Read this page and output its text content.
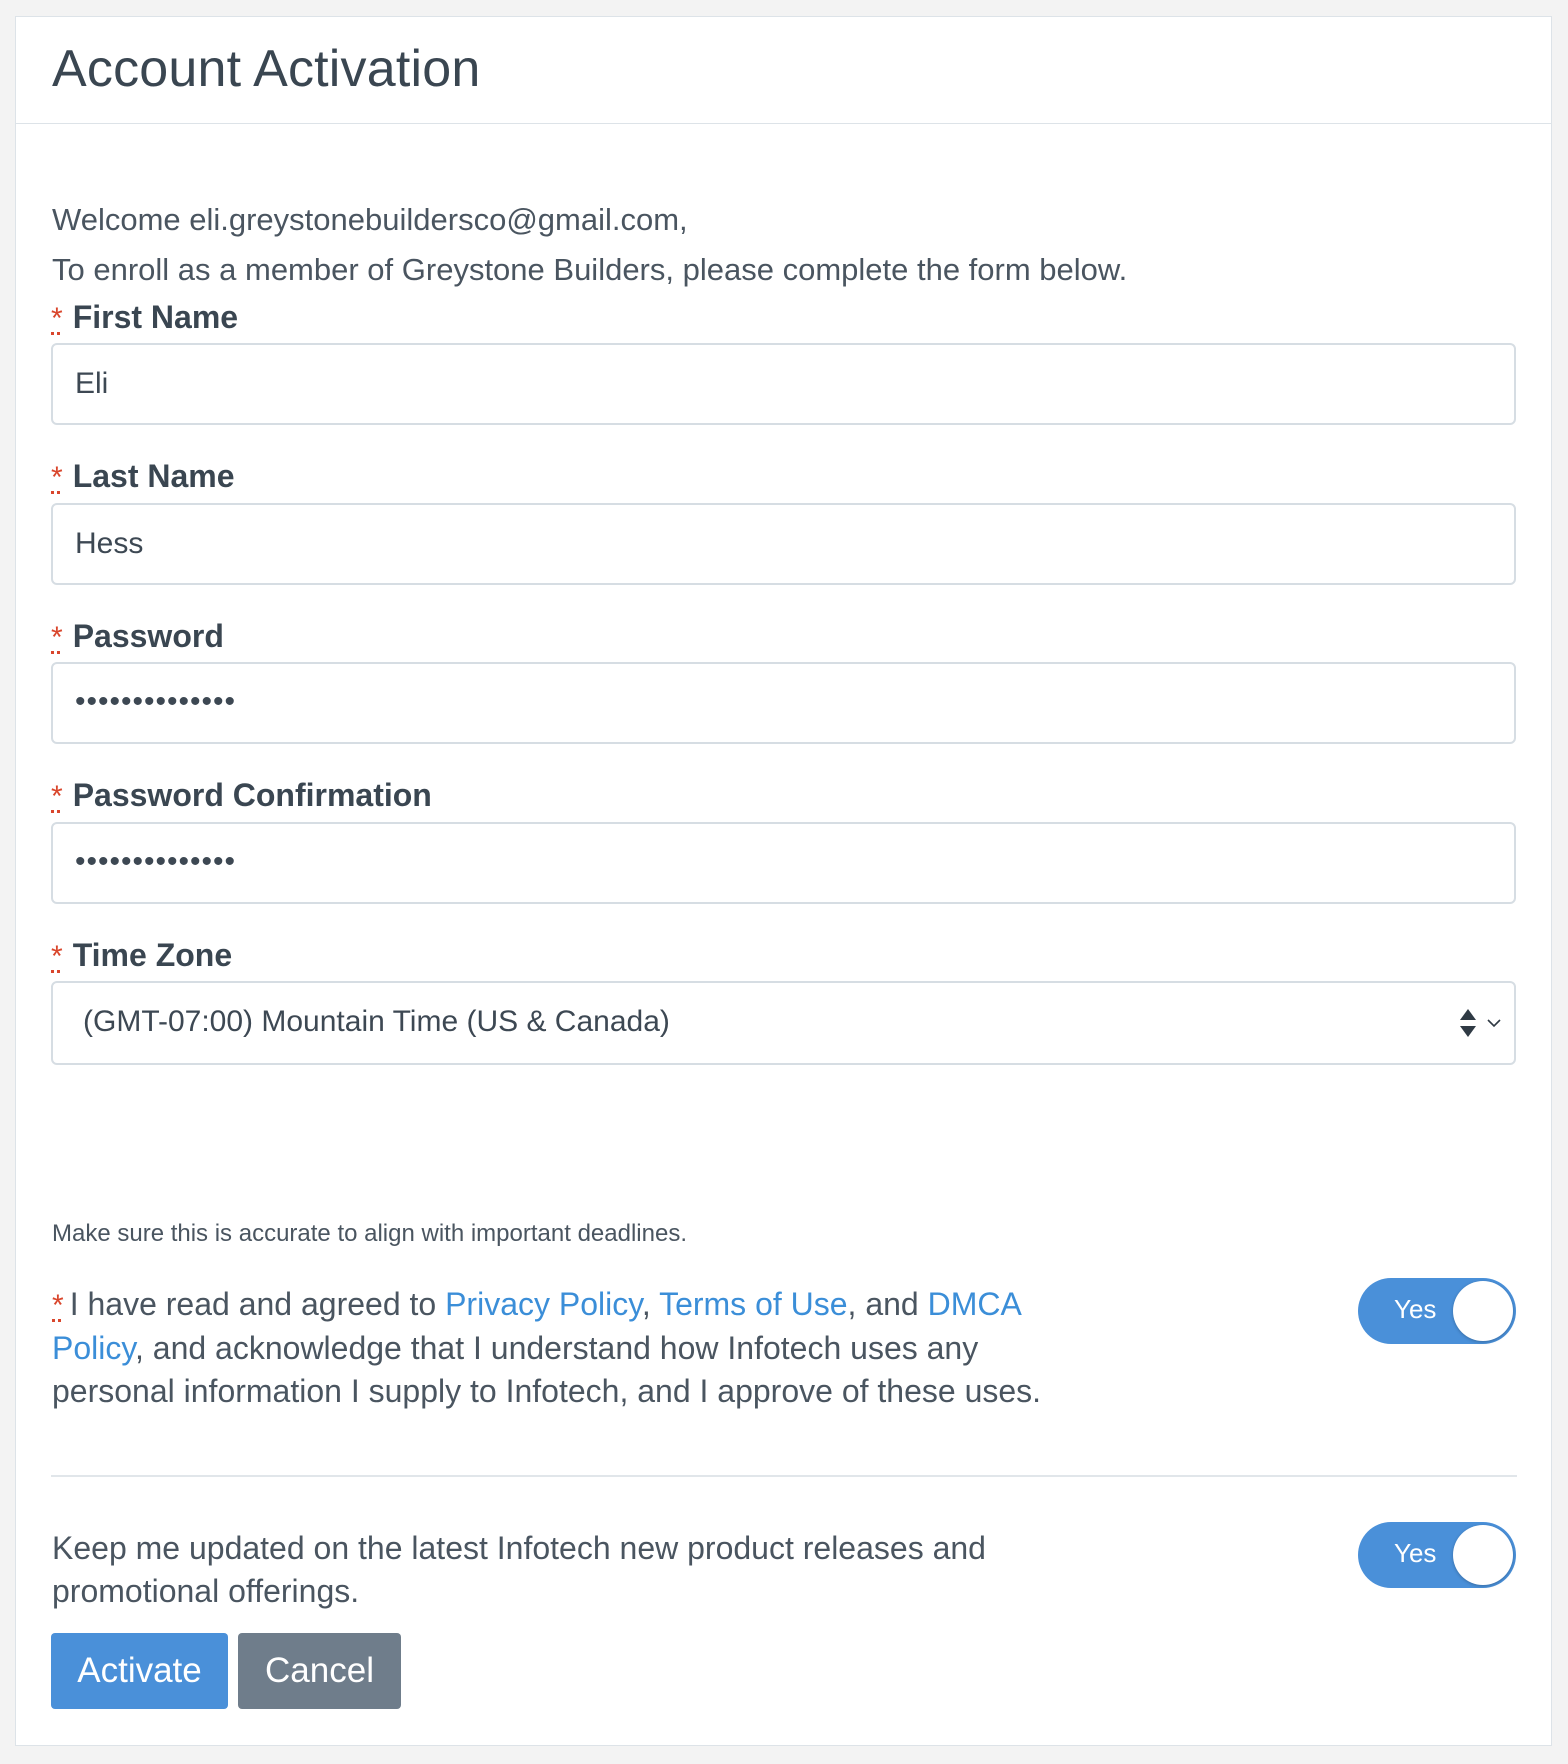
Account Activation
Welcome eli.greystonebuildersco@gmail.com,
To enroll as a member of Greystone Builders, please complete the form below.
* First Name
Eli
* Last Name
Hess
* Password
••••••••••••••
* Password Confirmation
••••••••••••••
* Time Zone
(GMT-07:00) Mountain Time (US & Canada)
Make sure this is accurate to align with important deadlines.
* I have read and agreed to Privacy Policy, Terms of Use, and DMCA Policy, and acknowledge that I understand how Infotech uses any personal information I supply to Infotech, and I approve of these uses.
Yes
Keep me updated on the latest Infotech new product releases and promotional offerings.
Yes
Activate	Cancel
